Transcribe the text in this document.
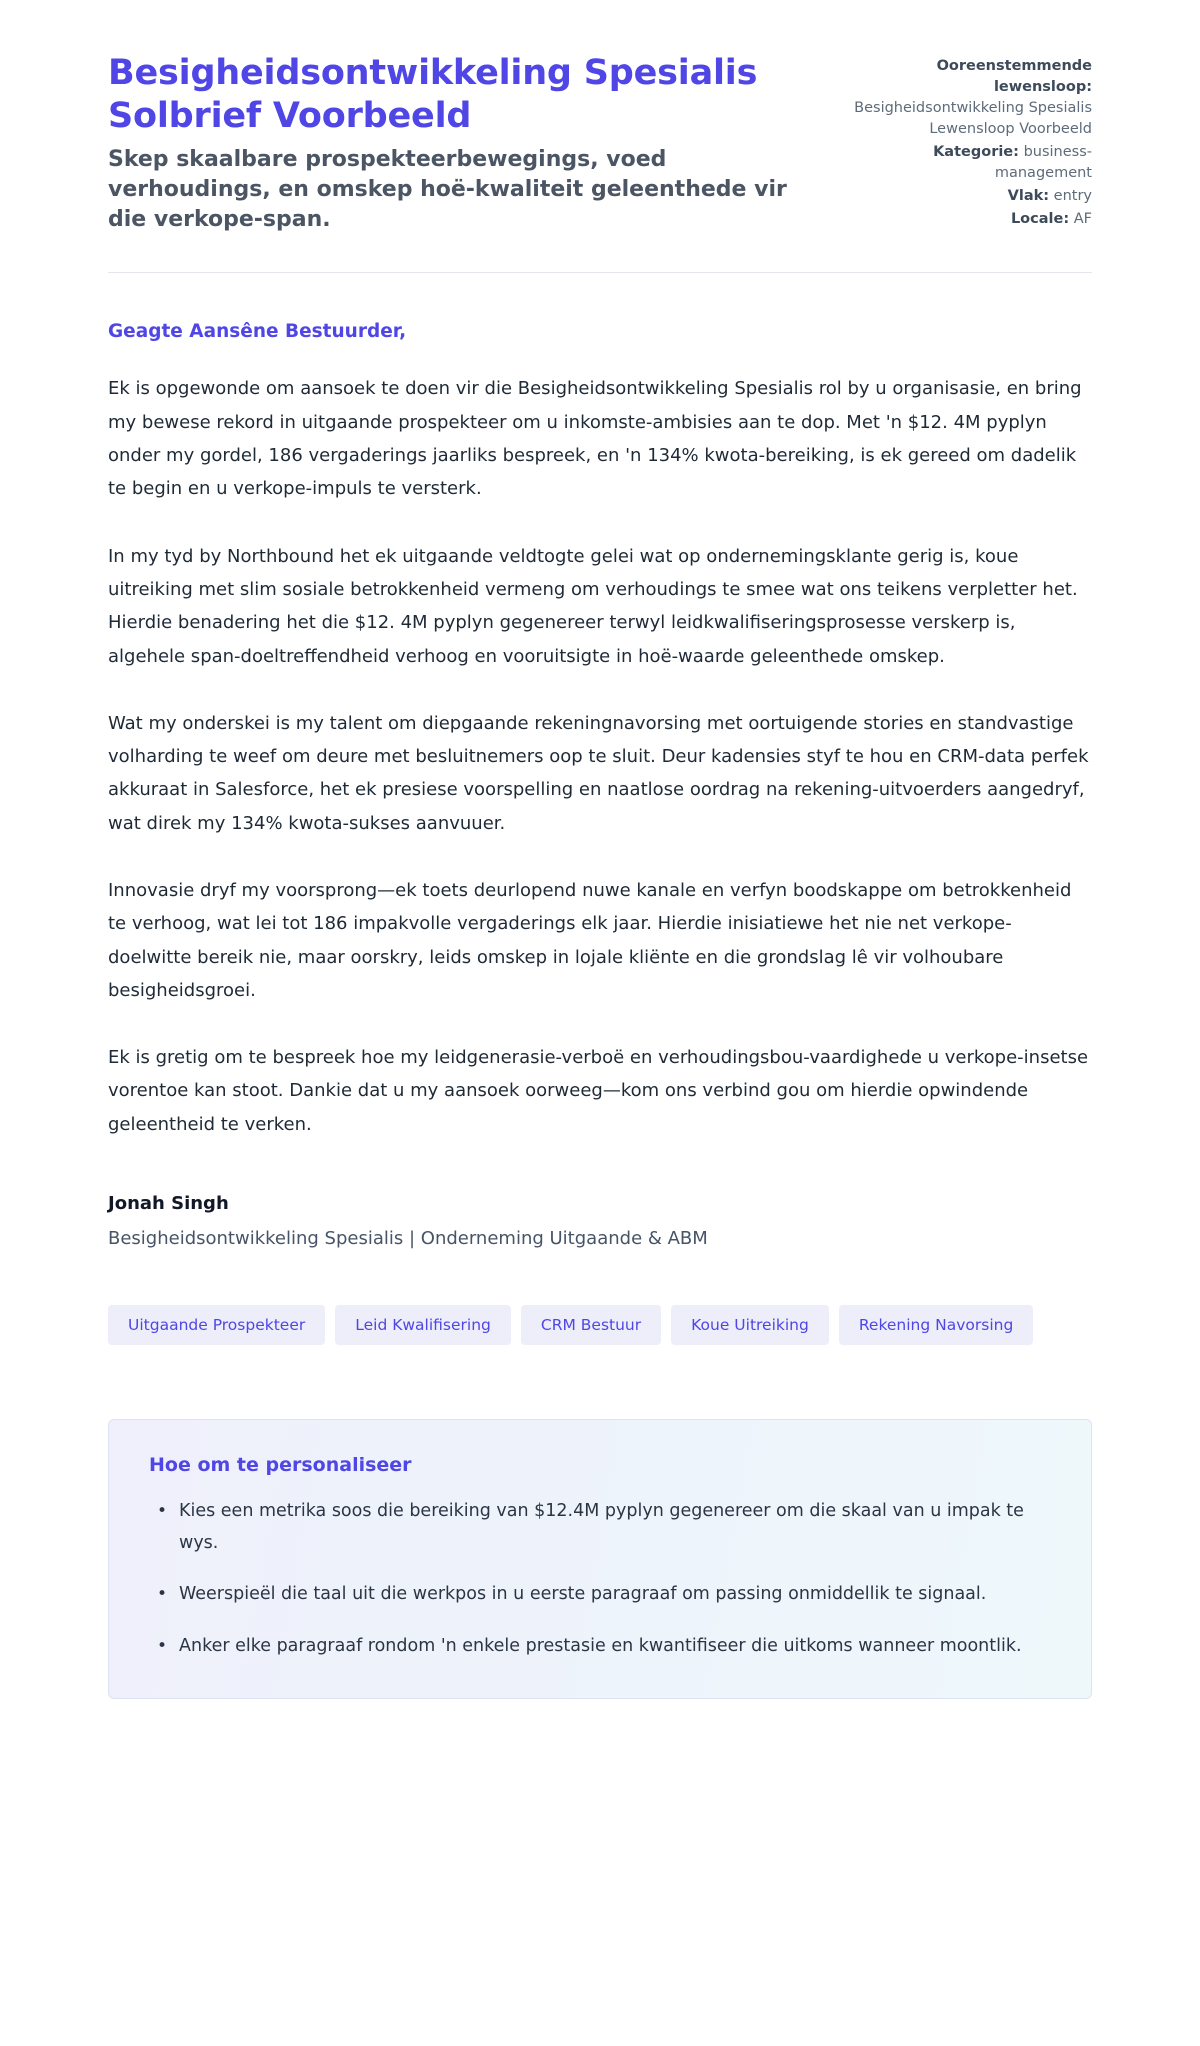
Besigheidsontwikkeling Spesialis Solbrief Voorbeeld

Skep skaalbare prospekteerbewegings, voed verhoudings, en omskep hoë-kwaliteit geleenthede vir die verkope-span.

Ooreenstemmende lewensloop:
Besigheidsontwikkeling Spesialis Lewensloop Voorbeeld
Kategorie: business-management
Vlak: entry
Locale: AF

Geagte Aansêne Bestuurder,

Ek is opgewonde om aansoek te doen vir die Besigheidsontwikkeling Spesialis rol by u organisasie, en bring my bewese rekord in uitgaande prospekteer om u inkomste-ambisies aan te dop. Met 'n $12. 4M pyplyn onder my gordel, 186 vergaderings jaarliks bespreek, en 'n 134% kwota-bereiking, is ek gereed om dadelik te begin en u verkope-impuls te versterk.

In my tyd by Northbound het ek uitgaande veldtogte gelei wat op ondernemingsklante gerig is, koue uitreiking met slim sosiale betrokkenheid vermeng om verhoudings te smee wat ons teikens verpletter het. Hierdie benadering het die $12. 4M pyplyn gegenereer terwyl leidkwalifiseringsprosesse verskerp is, algehele span-doeltreffendheid verhoog en vooruitsigte in hoë-waarde geleenthede omskep.

Wat my onderskei is my talent om diepgaande rekeningnavorsing met oortuigende stories en standvastige volharding te weef om deure met besluitnemers oop te sluit. Deur kadensies styf te hou en CRM-data perfek akkuraat in Salesforce, het ek presiese voorspelling en naatlose oordrag na rekening-uitvoerders aangedryf, wat direk my 134% kwota-sukses aanvuuer.

Innovasie dryf my voorsprong—ek toets deurlopend nuwe kanale en verfyn boodskappe om betrokkenheid te verhoog, wat lei tot 186 impakvolle vergaderings elk jaar. Hierdie inisiatiewe het nie net verkope-doelwitte bereik nie, maar oorskry, leids omskep in lojale kliënte en die grondslag lê vir volhoubare besigheidsgroei.

Ek is gretig om te bespreek hoe my leidgenerasie-verboë en verhoudingsbou-vaardighede u verkope-insetse vorentoe kan stoot. Dankie dat u my aansoek oorweeg—kom ons verbind gou om hierdie opwindende geleentheid te verken.

Jonah Singh

Besigheidsontwikkeling Spesialis | Onderneming Uitgaande & ABM

Uitgaande Prospekteer	Leid Kwalifisering	CRM Bestuur	Koue Uitreiking	Rekening Navorsing
Hoe om te personaliseer
• Kies een metrika soos die bereiking van $12.4M pyplyn gegenereer om die skaal van u impak te wys.
• Weerspieël die taal uit die werkpos in u eerste paragraaf om passing onmiddellik te signaal.
• Anker elke paragraaf rondom 'n enkele prestasie en kwantifiseer die uitkoms wanneer moontlik.
